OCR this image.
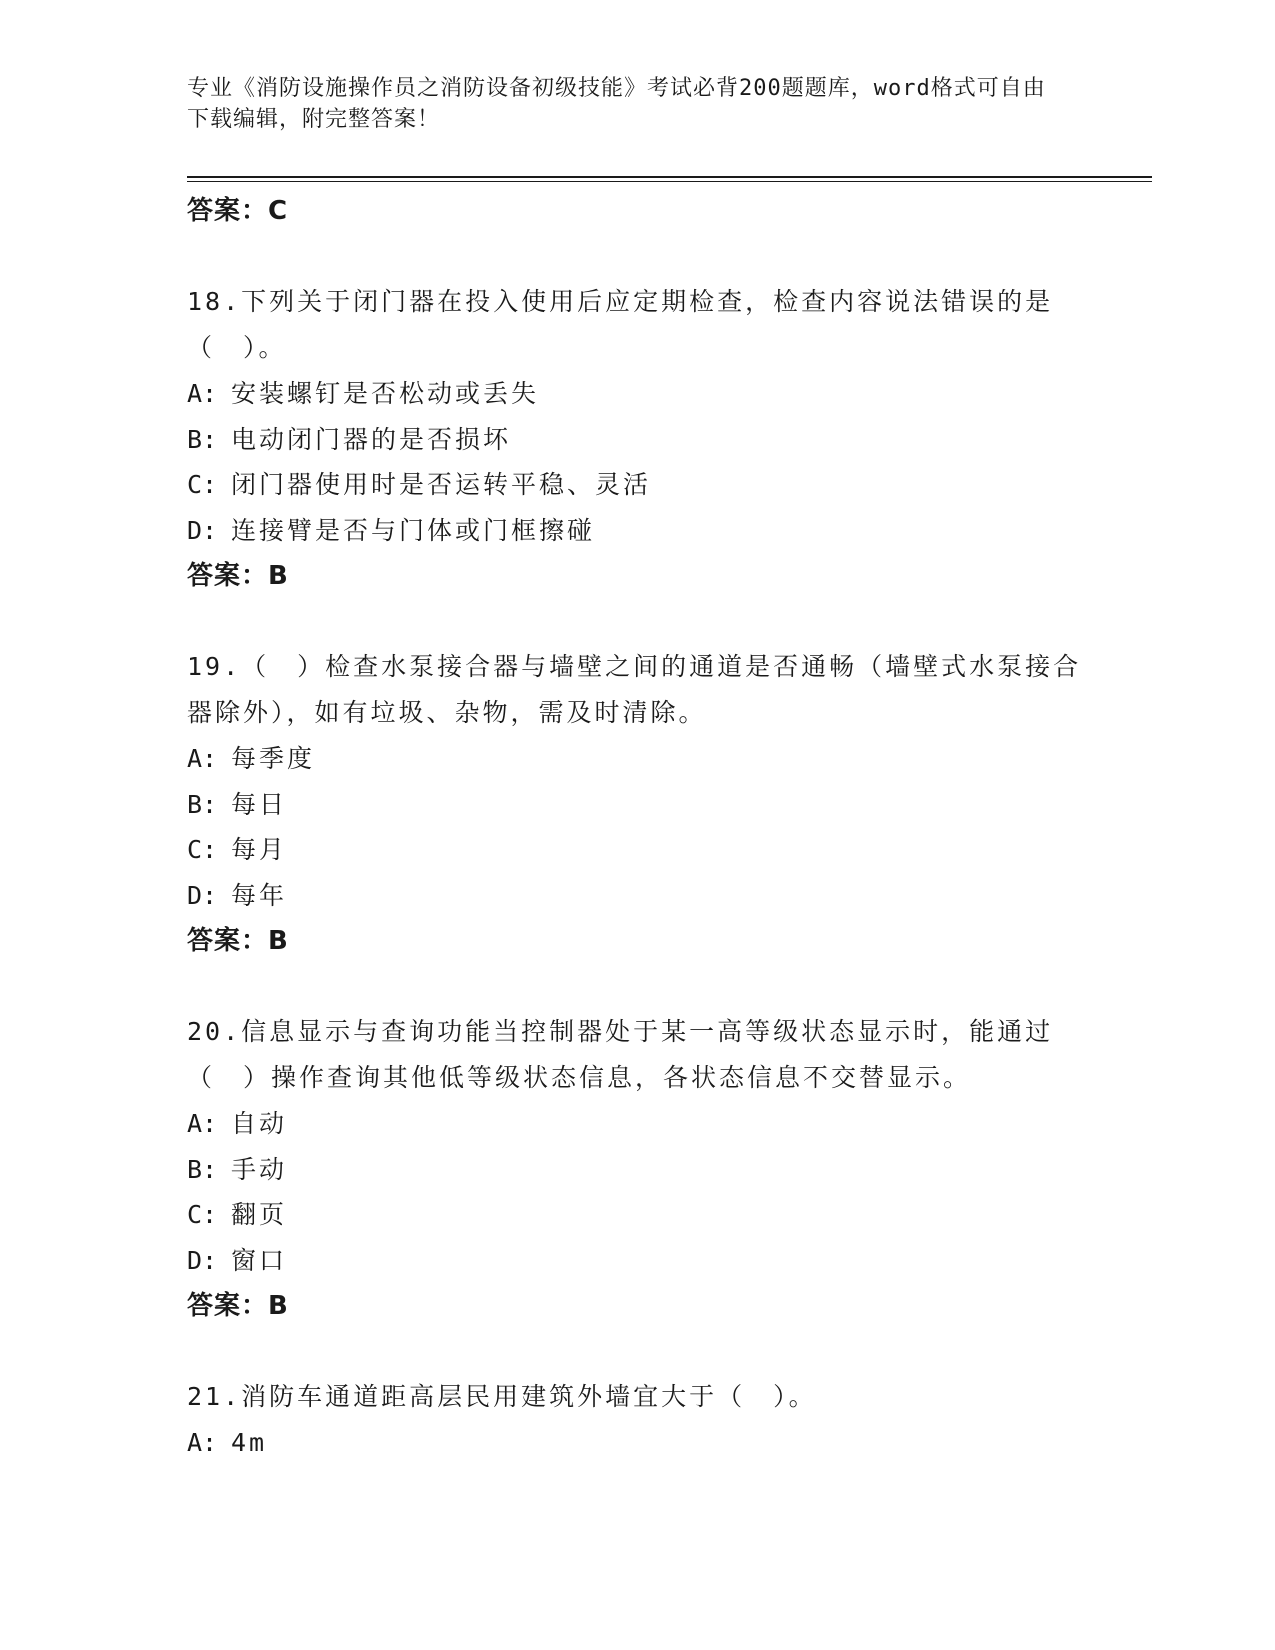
专业《消防设施操作员之消防设备初级技能》考试必背200题题库，word格式可自由下载编辑，附完整答案！
答案：C
18.下列关于闭门器在投入使用后应定期检查，检查内容说法错误的是（　）。
A: 安装螺钉是否松动或丢失
B: 电动闭门器的是否损坏
C: 闭门器使用时是否运转平稳、灵活
D: 连接臂是否与门体或门框擦碰
答案：B
19.（　）检查水泵接合器与墙壁之间的通道是否通畅（墙壁式水泵接合器除外），如有垃圾、杂物，需及时清除。
A: 每季度
B: 每日
C: 每月
D: 每年
答案：B
20.信息显示与查询功能当控制器处于某一高等级状态显示时，能通过（　）操作查询其他低等级状态信息，各状态信息不交替显示。
A: 自动
B: 手动
C: 翻页
D: 窗口
答案：B
21.消防车通道距高层民用建筑外墙宜大于（　）。
A: 4m
